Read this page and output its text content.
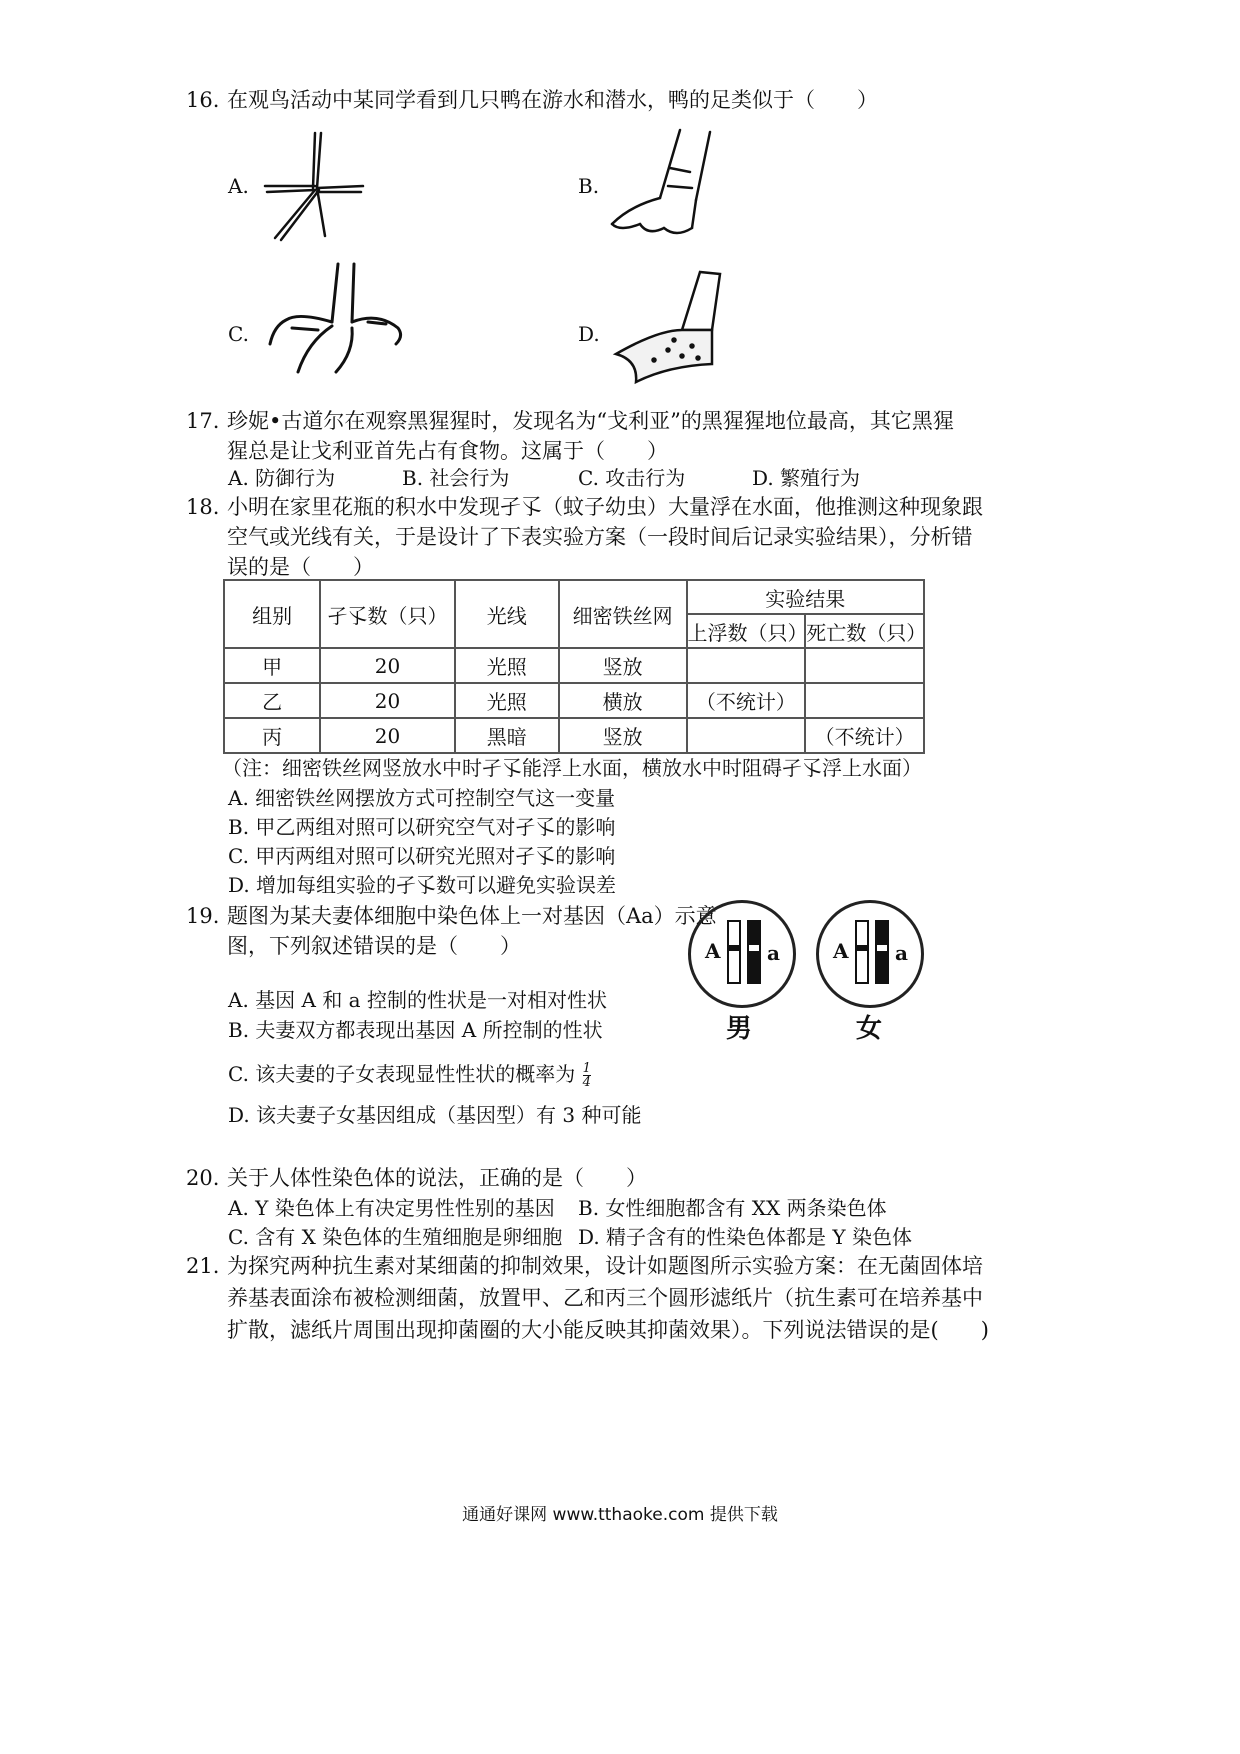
16. 在观鸟活动中某同学看到几只鸭在游水和潜水，鸭的足类似于（　　）
A.	B.
C.	D.
17. 珍妮•古道尔在观察黑猩猩时，发现名为“戈利亚”的黑猩猩地位最高，其它黑猩
猩总是让戈利亚首先占有食物。这属于（　　）
A. 防御行为	B. 社会行为	C. 攻击行为	D. 繁殖行为
18. 小明在家里花瓶的积水中发现孑孓（蚊子幼虫）大量浮在水面，他推测这种现象跟
空气或光线有关，于是设计了下表实验方案（一段时间后记录实验结果），分析错
误的是（　　）
组别	孑孓数（只）	光线	细密铁丝网	实验结果	
				上浮数（只）	死亡数（只）
甲	20	光照	竖放		
乙	20	光照	横放	（不统计）	
丙	20	黑暗	竖放		（不统计）
（注：细密铁丝网竖放水中时孑孓能浮上水面，横放水中时阻碍孑孓浮上水面）
A. 细密铁丝网摆放方式可控制空气这一变量
B. 甲乙两组对照可以研究空气对孑孓的影响
C. 甲丙两组对照可以研究光照对孑孓的影响
D. 增加每组实验的孑孓数可以避免实验误差
19. 题图为某夫妻体细胞中染色体上一对基因（Aa）示意
图，下列叙述错误的是（　　）
A. 基因 A 和 a 控制的性状是一对相对性状
B. 夫妻双方都表现出基因 A 所控制的性状
C. 该夫妻的子女表现显性性状的概率为 $\frac{1}{4}$
D. 该夫妻子女基因组成（基因型）有 3 种可能
A a	A a
男	女
20. 关于人体性染色体的说法，正确的是（　　）
A. Y 染色体上有决定男性性别的基因 B. 女性细胞都含有 XX 两条染色体
C. 含有 X 染色体的生殖细胞是卵细胞 D. 精子含有的性染色体都是 Y 染色体
21. 为探究两种抗生素对某细菌的抑制效果，设计如题图所示实验方案：在无菌固体培
养基表面涂布被检测细菌，放置甲、乙和丙三个圆形滤纸片（抗生素可在培养基中
扩散，滤纸片周围出现抑菌圈的大小能反映其抑菌效果）。下列说法错误的是(　　)
通通好课网 www.tthaoke.com 提供下载
